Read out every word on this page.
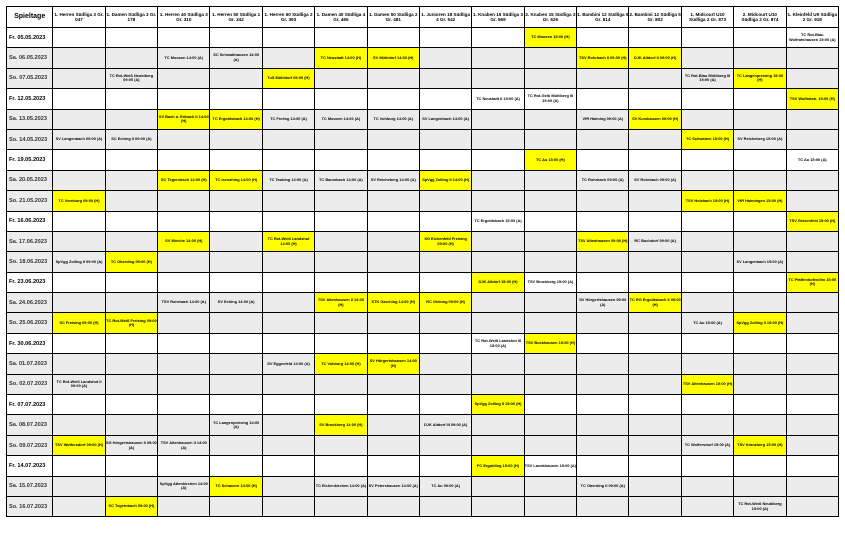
Spieltage	1. Herren Südliga 3 Gr. 047	1. Damen Südliga 3 Gr. 178	1. Herren 40 Südliga 3 Gr. 310	1. Herren 50 Südliga 1 Gr. 342	1. Herren 60 Südliga 2 Gr. 393	1. Damen 40 Südliga 4 Gr. 465	1. Damen 50 Südliga 2 Gr. 481	1. Junioren 18 Südliga 4 Gr. 542	1. Knaben 15 Südliga 3 Gr. 569	2. Knaben 15 Südliga 3 Gr. 626	1. Bambini 12 Südliga 5 Gr. 814	2. Bambini 12 Südliga 5 Gr. 802	1. Midcourt U10 Südliga 2 Gr. 873	2. Midcourt U10 Südliga 2 Gr. 874	1. Kleinfeld U9 Südliga 2 Gr. 918
Fr. 05.05.2023										TC Moosen 15:00 (H)					TC Rot-Blau Wolfratshausen 15:00 (A)
Sa. 06.05.2023			TC Moosen 14:00 (A)	SC Schwabhausen 14:00 (A)		TC Neustadt 14:00 (H)	SV Mühldorf 14:00 (H)				TSV Rohrbach II 09:00 (H)	DJK Altdorf II 09:00 (H)			
So. 07.05.2023		TC Rot-Weiß Neubiberg 09:00 (A)			TuS Mühldorf 09:00 (H)								TC Rot-Blau Mühlberg III 15:00 (A)	TC Langenpreising 15:00 (H)	
Fr. 12.05.2023									TC Neustadt II 15:00 (A)	TC Rot-Gelb Mühlberg III 15:00 (A)					TSV Wolfratsh. 15:00 (H)
Sa. 13.05.2023			SV Bach a. Erlbach II 14:00 (H)	TC Ergoldsbach 14:00 (H)	TC Freilng 14:00 (A)	TC Moosen 14:00 (A)	TC Vohburg 14:00 (A)	SV Langenbach 14:00 (A)			VfR Haiming 09:00 (A)	SV Kumhausen 09:00 (H)			
So. 14.05.2023	SV Langenbach 09:00 (A)	SC Eching II 09:00 (A)											TC Schwaben 15:00 (H)	SV Reicheberg 15:00 (A)	
Fr. 19.05.2023										TC Au 15:00 (H)					TC Au 15:00 (A)
Sa. 20.05.2023			SC Tegernbach 14:00 (H)	TC Isenahing 14:00 (H)	TC Taubing 14:00 (A)	TC Baumbach 14:00 (A)	SV Reicheberg 14:00 (A)	SpVgg Zolling II 14:00 (H)			TC Rohrbach 09:00 (A)	SV Rohrbach 09:00 (A)			
So. 21.05.2023	TC Vornburg 09:00 (H)												TSV Holzbach 15:00 (H)	VfR Haimingen 15:00 (H)	
Fr. 16.06.2023									TC Ergoldsbach 15:00 (A)						TSV Geisenfeld 15:00 (H)
Sa. 17.06.2023			SV Weiche 14:00 (H)		TC Rot-Weiß Landshut 14:00 (H)			SG Eichenfeld Freising 09:00 (H)			TSV Altenhausen 09:00 (H)	RC Buchdorf 09:00 (A)			
So. 18.06.2023	SpVgg Zolling II 09:00 (A)	TC Oberding 09:00 (H)												SV Langenbach 15:00 (A)	
Fr. 23.06.2023									DJK Altdorf 15:00 (H)	TSV Bruckberg 15:00 (A)					TC Pfaffenhofen/Ilm 15:00 (H)
Sa. 24.06.2023			TSV Rohrbach 14:00 (A)	SV Eching 14:00 (A)		TSV Altenhausen II 14:00 (H)	STK Garching 14:00 (H)	RC Giebing 09:00 (H)			SV Hörgertshausen 09:00 (A)	TC RG Ergoldsbach II 09:00 (H)			
So. 25.06.2023	SC Freising 09:00 (H)	TC Rot-Weiß Freising 09:00 (H)											TC Au 15:00 (A)	SpVgg Zolling II 15:00 (H)	
Fr. 30.06.2023									TC Rot-Weiß Landshut III 15:00 (A)	TSV Bockhausen 15:00 (H)					
Sa. 01.07.2023					SV Eggenfeld 14:00 (A)	TC Vohburg 14:00 (H)	SV Hörgertshausen 14:00 (H)								
So. 02.07.2023	TC Rot-Weiß Landshut II 09:00 (A)												TSV Altenhausen 15:00 (H)		
Fr. 07.07.2023									SpVgg Zolling II 15:00 (H)						
Sa. 08.07.2023				TC Langenpreising 14:00 (A)		SV Bruckberg 14:00 (H)		DJK Altdorf III 09:00 (A)							
So. 09.07.2023	TSV Wolfersdorf 09:00 (H)	SG Hörgertshausen II 09:00 (A)	TSV Altenhausen II 14:00 (A)										TC Wolfersdorf 15:00 (A)	TSV Kranzberg 15:00 (H)	
Fr. 14.07.2023									FC Ergolding 15:00 (H)	TSV Landshausen 15:00 (A)					
Sa. 15.07.2023			SpVgg Attenkirchen 14:00 (A)	TC Schauern 14:00 (H)		TC Eichenkirchen 14:00 (A)	SV Petershausen 14:00 (A)	TC Au 09:00 (A)			TC Oberding II 09:00 (A)				
So. 16.07.2023		SC Tegernbach 09:00 (H)												TC Rot-Weiß Neubiberg 15:00 (A)	
